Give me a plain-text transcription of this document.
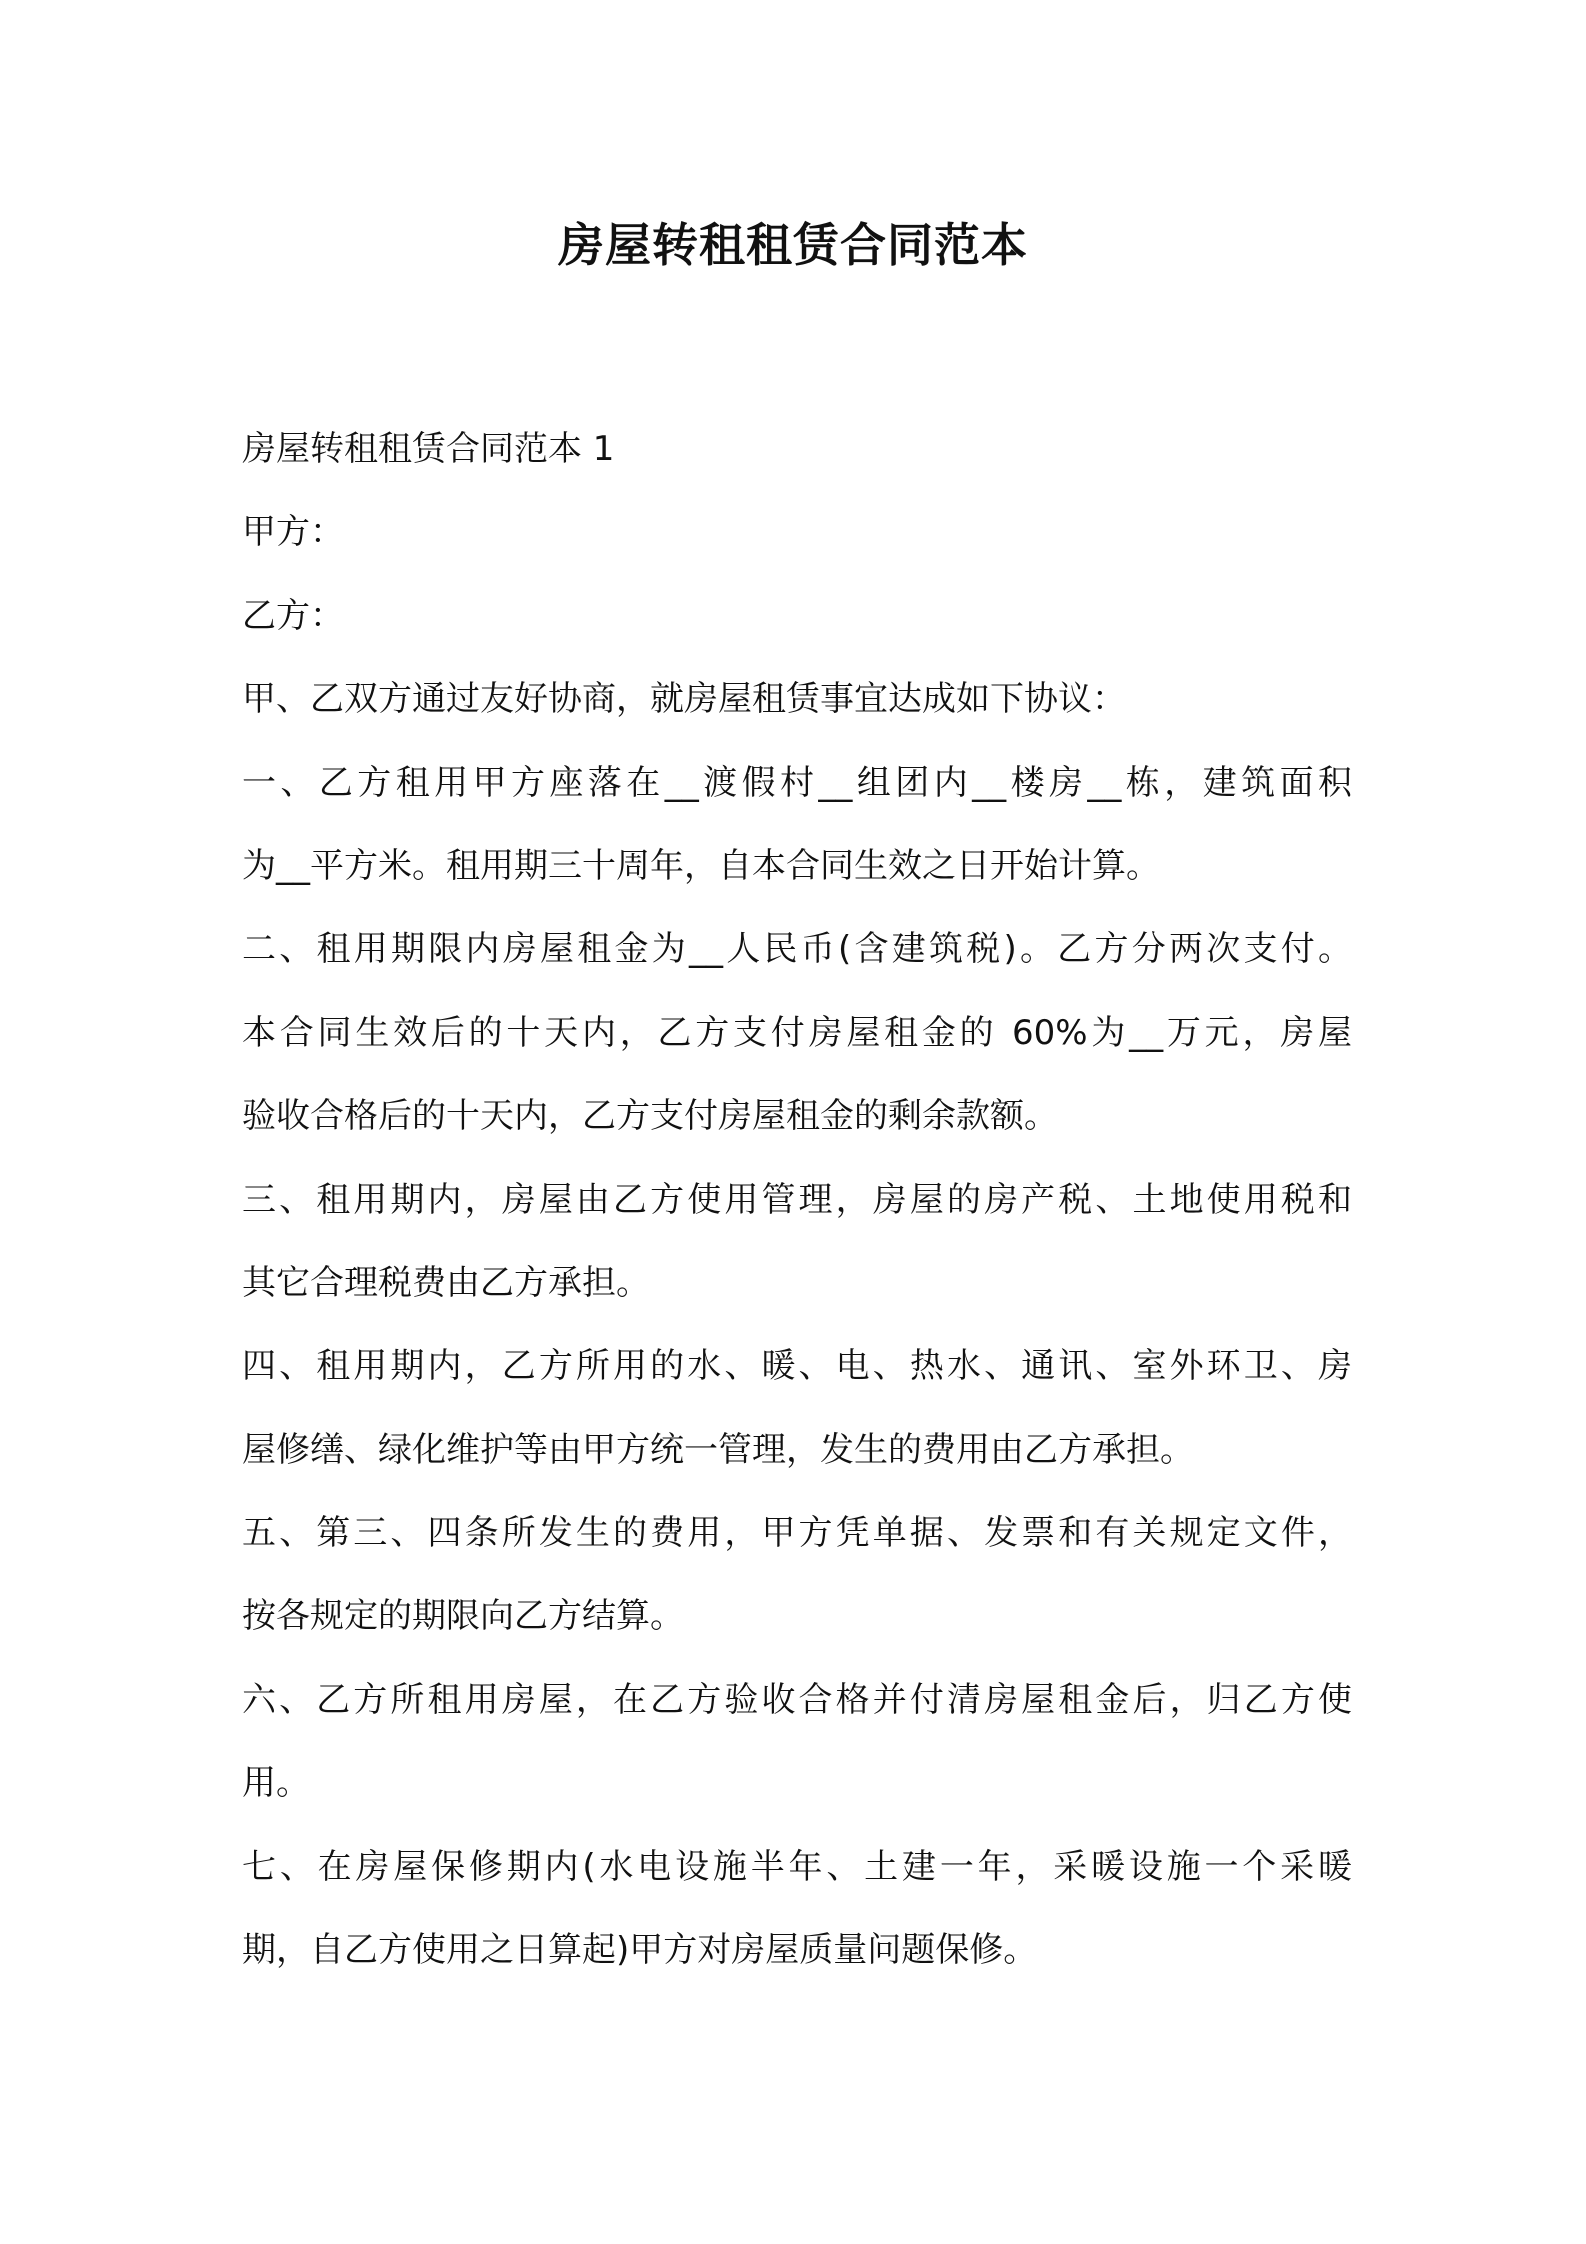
房屋转租租赁合同范本

房屋转租租赁合同范本 1

甲方：

乙方：

甲、乙双方通过友好协商，就房屋租赁事宜达成如下协议：

一、乙方租用甲方座落在__渡假村__组团内__楼房__栋，建筑面积

为__平方米。租用期三十周年，自本合同生效之日开始计算。

二、租用期限内房屋租金为__人民币(含建筑税)。乙方分两次支付。

本合同生效后的十天内，乙方支付房屋租金的 60%为__万元，房屋

验收合格后的十天内，乙方支付房屋租金的剩余款额。

三、租用期内，房屋由乙方使用管理，房屋的房产税、土地使用税和

其它合理税费由乙方承担。

四、租用期内，乙方所用的水、暖、电、热水、通讯、室外环卫、房

屋修缮、绿化维护等由甲方统一管理，发生的费用由乙方承担。

五、第三、四条所发生的费用，甲方凭单据、发票和有关规定文件，

按各规定的期限向乙方结算。

六、乙方所租用房屋，在乙方验收合格并付清房屋租金后，归乙方使

用。

七、在房屋保修期内(水电设施半年、土建一年，采暖设施一个采暖

期，自乙方使用之日算起)甲方对房屋质量问题保修。
